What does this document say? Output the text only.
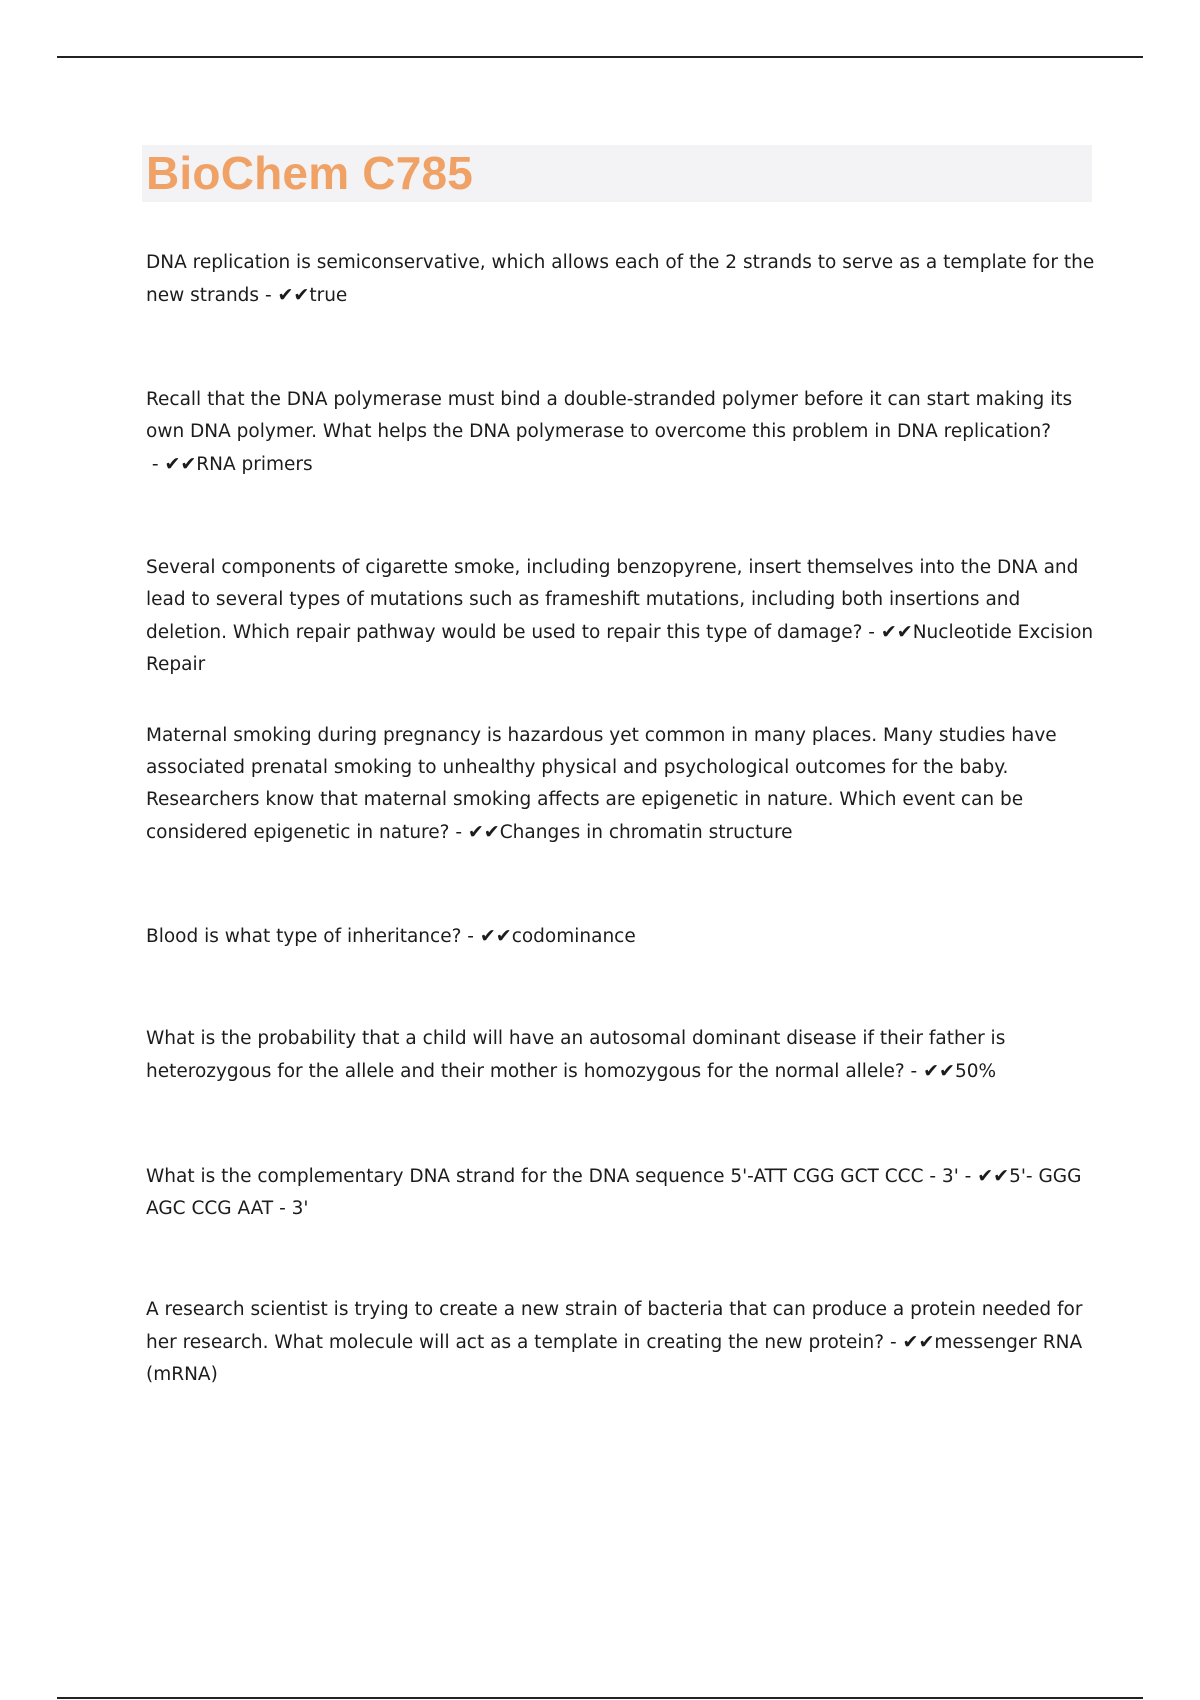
BioChem C785

DNA replication is semiconservative, which allows each of the 2 strands to serve as a template for the new strands - ✔✔true

Recall that the DNA polymerase must bind a double-stranded polymer before it can start making its own DNA polymer. What helps the DNA polymerase to overcome this problem in DNA replication? - ✔✔RNA primers

Several components of cigarette smoke, including benzopyrene, insert themselves into the DNA and lead to several types of mutations such as frameshift mutations, including both insertions and deletion. Which repair pathway would be used to repair this type of damage? - ✔✔Nucleotide Excision Repair

Maternal smoking during pregnancy is hazardous yet common in many places. Many studies have associated prenatal smoking to unhealthy physical and psychological outcomes for the baby. Researchers know that maternal smoking affects are epigenetic in nature. Which event can be considered epigenetic in nature? - ✔✔Changes in chromatin structure

Blood is what type of inheritance? - ✔✔codominance

What is the probability that a child will have an autosomal dominant disease if their father is heterozygous for the allele and their mother is homozygous for the normal allele? - ✔✔50%

What is the complementary DNA strand for the DNA sequence 5'-ATT CGG GCT CCC - 3' - ✔✔5'- GGG AGC CCG AAT - 3'

A research scientist is trying to create a new strain of bacteria that can produce a protein needed for her research. What molecule will act as a template in creating the new protein? - ✔✔messenger RNA (mRNA)
